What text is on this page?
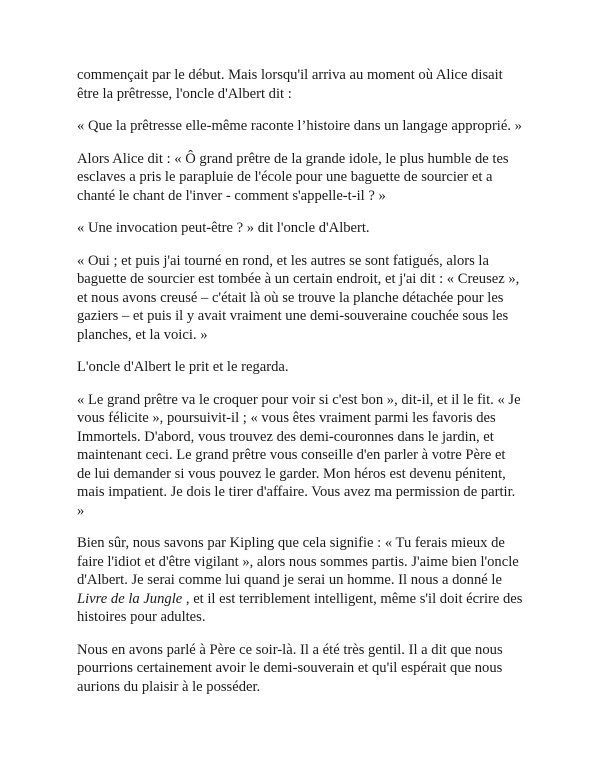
commençait par le début. Mais lorsqu'il arriva au moment où Alice disait
être la prêtresse, l'oncle d'Albert dit :

« Que la prêtresse elle-même raconte l’histoire dans un langage approprié. »

Alors Alice dit : « Ô grand prêtre de la grande idole, le plus humble de tes
esclaves a pris le parapluie de l'école pour une baguette de sourcier et a
chanté le chant de l'inver - comment s'appelle-t-il ? »

« Une invocation peut-être ? » dit l'oncle d'Albert.

« Oui ; et puis j'ai tourné en rond, et les autres se sont fatigués, alors la
baguette de sourcier est tombée à un certain endroit, et j'ai dit : « Creusez »,
et nous avons creusé – c'était là où se trouve la planche détachée pour les
gaziers – et puis il y avait vraiment une demi-souveraine couchée sous les
planches, et la voici. »

L'oncle d'Albert le prit et le regarda.

« Le grand prêtre va le croquer pour voir si c'est bon », dit-il, et il le fit. « Je
vous félicite », poursuivit-il ; « vous êtes vraiment parmi les favoris des
Immortels. D'abord, vous trouvez des demi-couronnes dans le jardin, et
maintenant ceci. Le grand prêtre vous conseille d'en parler à votre Père et
de lui demander si vous pouvez le garder. Mon héros est devenu pénitent,
mais impatient. Je dois le tirer d'affaire. Vous avez ma permission de partir.
»

Bien sûr, nous savons par Kipling que cela signifie : « Tu ferais mieux de
faire l'idiot et d'être vigilant », alors nous sommes partis. J'aime bien l'oncle
d'Albert. Je serai comme lui quand je serai un homme. Il nous a donné le
Livre de la Jungle , et il est terriblement intelligent, même s'il doit écrire des
histoires pour adultes.

Nous en avons parlé à Père ce soir-là. Il a été très gentil. Il a dit que nous
pourrions certainement avoir le demi-souverain et qu'il espérait que nous
aurions du plaisir à le posséder.
